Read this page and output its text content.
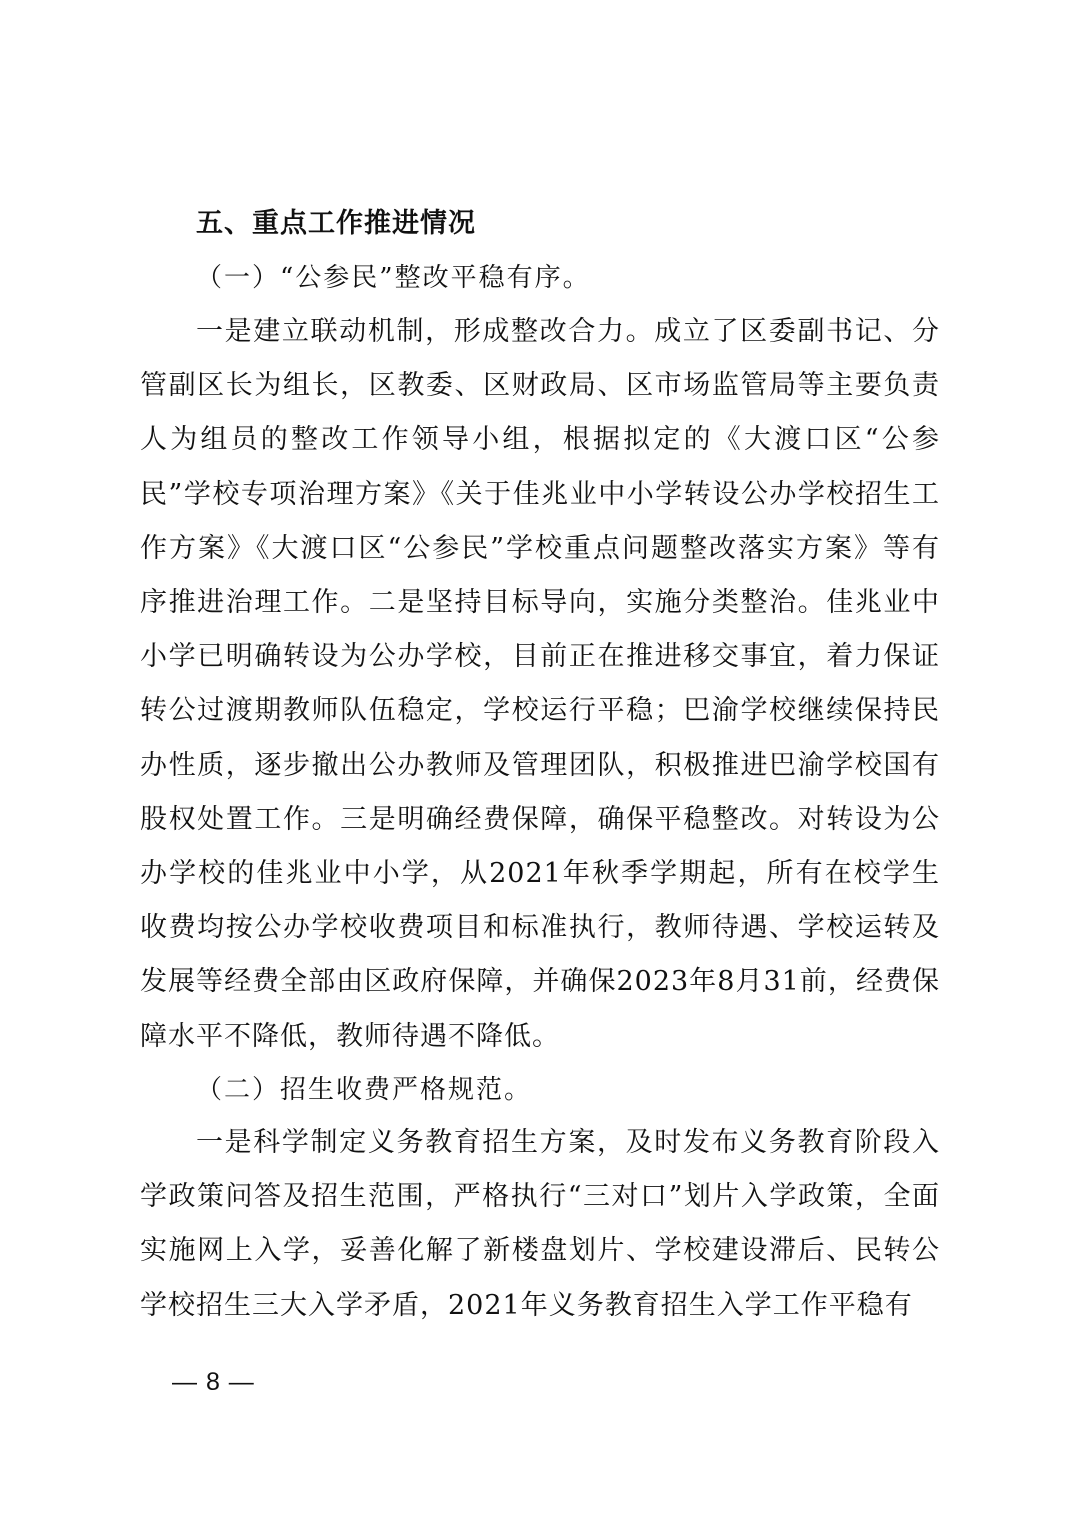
五、重点工作推进情况
（一）“公参民”整改平稳有序。

一是建立联动机制，形成整改合力。成立了区委副书记、分管副区长为组长，区教委、区财政局、区市场监管局等主要负责人为组员的整改工作领导小组，根据拟定的《大渡口区“公参民”学校专项治理方案》《关于佳兆业中小学转设公办学校招生工作方案》《大渡口区“公参民”学校重点问题整改落实方案》等有序推进治理工作。二是坚持目标导向，实施分类整治。佳兆业中小学已明确转设为公办学校，目前正在推进移交事宜，着力保证转公过渡期教师队伍稳定，学校运行平稳；巴渝学校继续保持民办性质，逐步撤出公办教师及管理团队，积极推进巴渝学校国有股权处置工作。三是明确经费保障，确保平稳整改。对转设为公办学校的佳兆业中小学，从2021年秋季学期起，所有在校学生收费均按公办学校收费项目和标准执行，教师待遇、学校运转及发展等经费全部由区政府保障，并确保2023年8月31前，经费保障水平不降低，教师待遇不降低。

（二）招生收费严格规范。

一是科学制定义务教育招生方案，及时发布义务教育阶段入学政策问答及招生范围，严格执行“三对口”划片入学政策，全面实施网上入学，妥善化解了新楼盘划片、学校建设滞后、民转公学校招生三大入学矛盾，2021年义务教育招生入学工作平稳有

— 8 —
